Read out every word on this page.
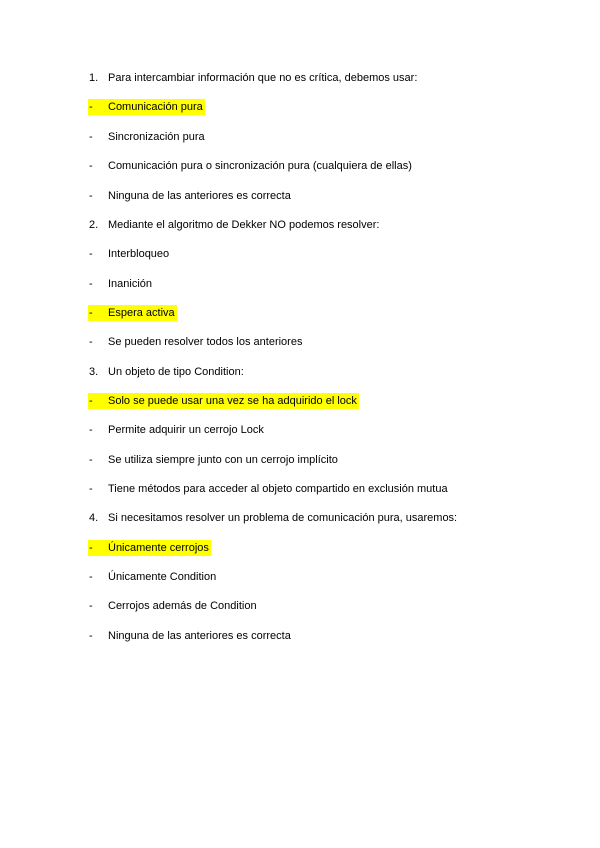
1. Para intercambiar información que no es crítica, debemos usar:
- Comunicación pura
- Sincronización pura
- Comunicación pura o sincronización pura (cualquiera de ellas)
- Ninguna de las anteriores es correcta
2. Mediante el algoritmo de Dekker NO podemos resolver:
- Interbloqueo
- Inanición
- Espera activa
- Se pueden resolver todos los anteriores
3. Un objeto de tipo Condition:
- Solo se puede usar una vez se ha adquirido el lock
- Permite adquirir un cerrojo Lock
- Se utiliza siempre junto con un cerrojo implícito
- Tiene métodos para acceder al objeto compartido en exclusión mutua
4. Si necesitamos resolver un problema de comunicación pura, usaremos:
- Únicamente cerrojos
- Únicamente Condition
- Cerrojos además de Condition
- Ninguna de las anteriores es correcta
